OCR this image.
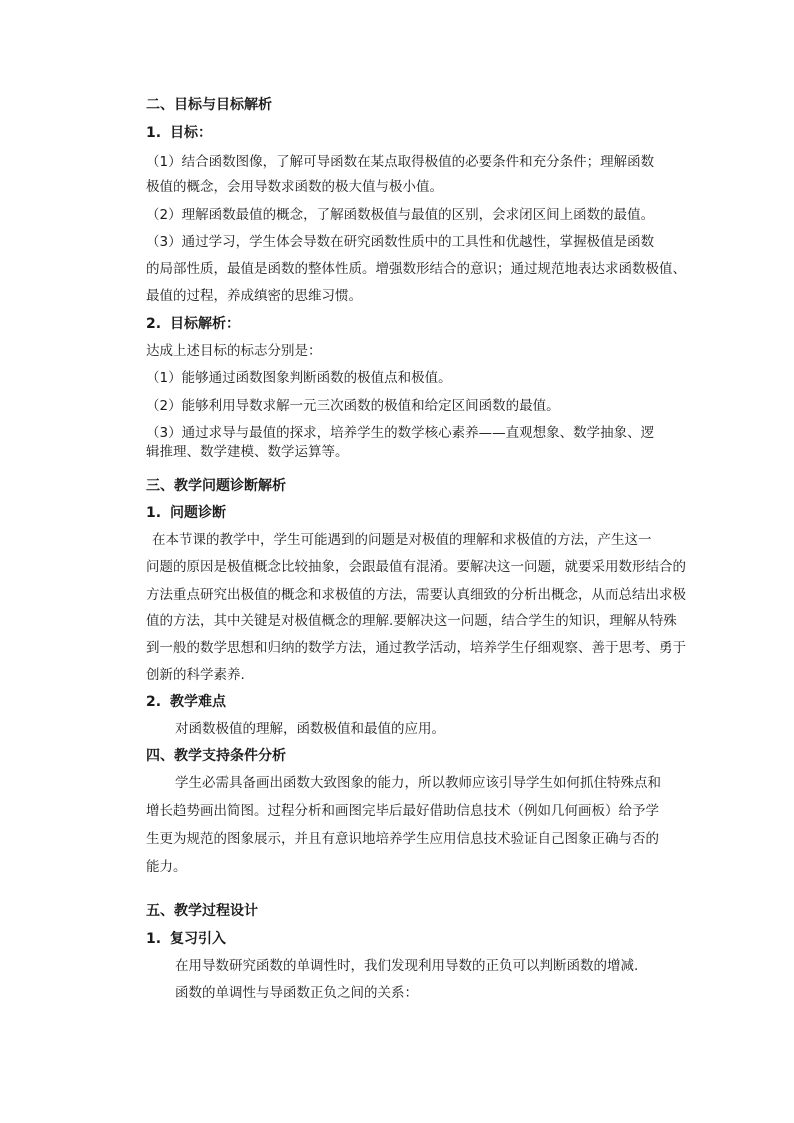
二、目标与目标解析
1. 目标：
（1）结合函数图像，了解可导函数在某点取得极值的必要条件和充分条件；理解函数
极值的概念，会用导数求函数的极大值与极小值。
（2）理解函数最值的概念，了解函数极值与最值的区别，会求闭区间上函数的最值。
（3）通过学习，学生体会导数在研究函数性质中的工具性和优越性，掌握极值是函数
的局部性质，最值是函数的整体性质。增强数形结合的意识；通过规范地表达求函数极值、
最值的过程，养成缜密的思维习惯。
2. 目标解析：
达成上述目标的标志分别是：
（1）能够通过函数图象判断函数的极值点和极值。
（2）能够利用导数求解一元三次函数的极值和给定区间函数的最值。
（3）通过求导与最值的探求，培养学生的数学核心素养——直观想象、数学抽象、逻
辑推理、数学建模、数学运算等。
三、教学问题诊断解析
1. 问题诊断
在本节课的教学中，学生可能遇到的问题是对极值的理解和求极值的方法，产生这一
问题的原因是极值概念比较抽象，会跟最值有混淆。要解决这一问题，就要采用数形结合的
方法重点研究出极值的概念和求极值的方法，需要认真细致的分析出概念，从而总结出求极
值的方法，其中关键是对极值概念的理解.要解决这一问题，结合学生的知识，理解从特殊
到一般的数学思想和归纳的数学方法，通过教学活动，培养学生仔细观察、善于思考、勇于
创新的科学素养.
2. 教学难点
对函数极值的理解，函数极值和最值的应用。
四、教学支持条件分析
学生必需具备画出函数大致图象的能力，所以教师应该引导学生如何抓住特殊点和
增长趋势画出简图。过程分析和画图完毕后最好借助信息技术（例如几何画板）给予学
生更为规范的图象展示，并且有意识地培养学生应用信息技术验证自己图象正确与否的
能力。
五、教学过程设计
1. 复习引入
在用导数研究函数的单调性时，我们发现利用导数的正负可以判断函数的增减.
函数的单调性与导函数正负之间的关系：
